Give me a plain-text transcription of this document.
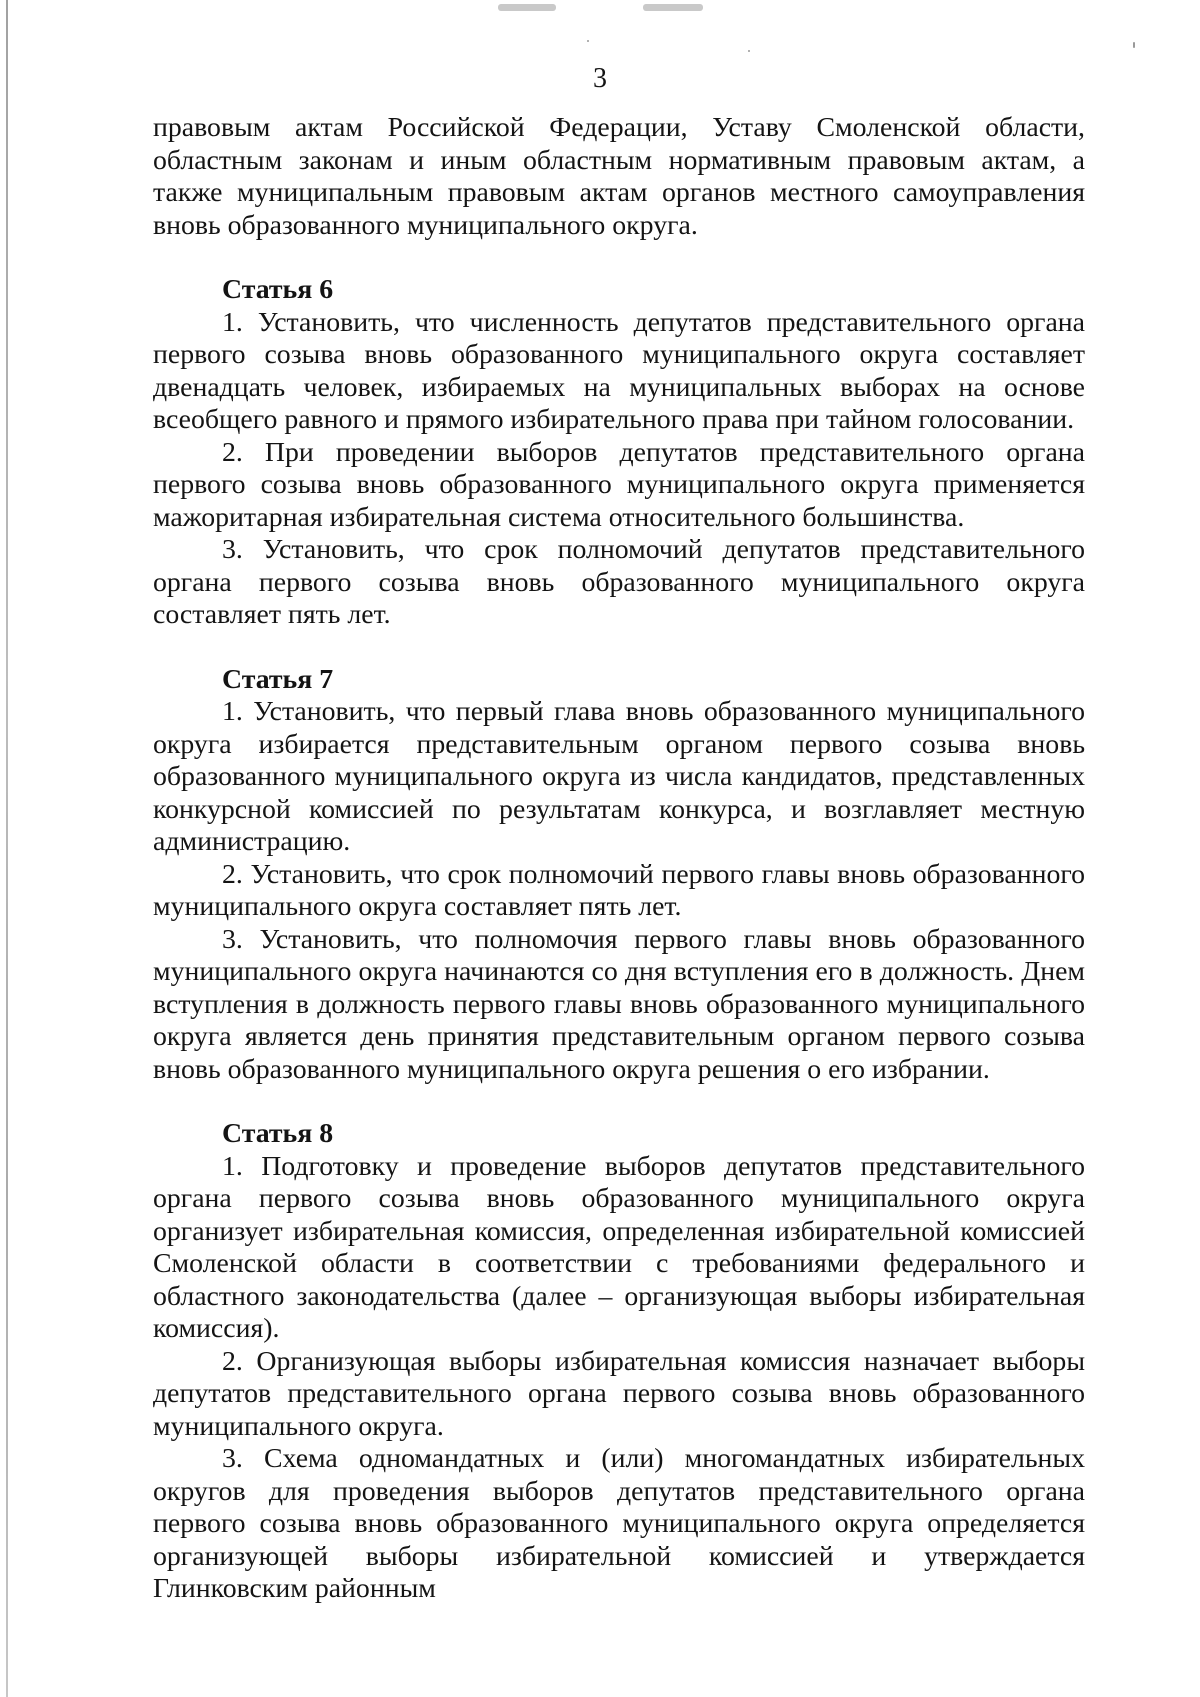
3

правовым актам Российской Федерации, Уставу Смоленской области, областным законам и иным областным нормативным правовым актам, а также муниципальным правовым актам органов местного самоуправления вновь образованного муниципального округа.

Статья 6

1. Установить, что численность депутатов представительного органа первого созыва вновь образованного муниципального округа составляет двенадцать человек, избираемых на муниципальных выборах на основе всеобщего равного и прямого избирательного права при тайном голосовании.

2. При проведении выборов депутатов представительного органа первого созыва вновь образованного муниципального округа применяется мажоритарная избирательная система относительного большинства.

3. Установить, что срок полномочий депутатов представительного органа первого созыва вновь образованного муниципального округа составляет пять лет.

Статья 7

1. Установить, что первый глава вновь образованного муниципального округа избирается представительным органом первого созыва вновь образованного муниципального округа из числа кандидатов, представленных конкурсной комиссией по результатам конкурса, и возглавляет местную администрацию.

2. Установить, что срок полномочий первого главы вновь образованного муниципального округа составляет пять лет.

3. Установить, что полномочия первого главы вновь образованного муниципального округа начинаются со дня вступления его в должность. Днем вступления в должность первого главы вновь образованного муниципального округа является день принятия представительным органом первого созыва вновь образованного муниципального округа решения о его избрании.

Статья 8

1. Подготовку и проведение выборов депутатов представительного органа первого созыва вновь образованного муниципального округа организует избирательная комиссия, определенная избирательной комиссией Смоленской области в соответствии с требованиями федерального и областного законодательства (далее – организующая выборы избирательная комиссия).

2. Организующая выборы избирательная комиссия назначает выборы депутатов представительного органа первого созыва вновь образованного муниципального округа.

3. Схема одномандатных и (или) многомандатных избирательных округов для проведения выборов депутатов представительного органа первого созыва вновь образованного муниципального округа определяется организующей выборы избирательной комиссией и утверждается Глинковским районным
